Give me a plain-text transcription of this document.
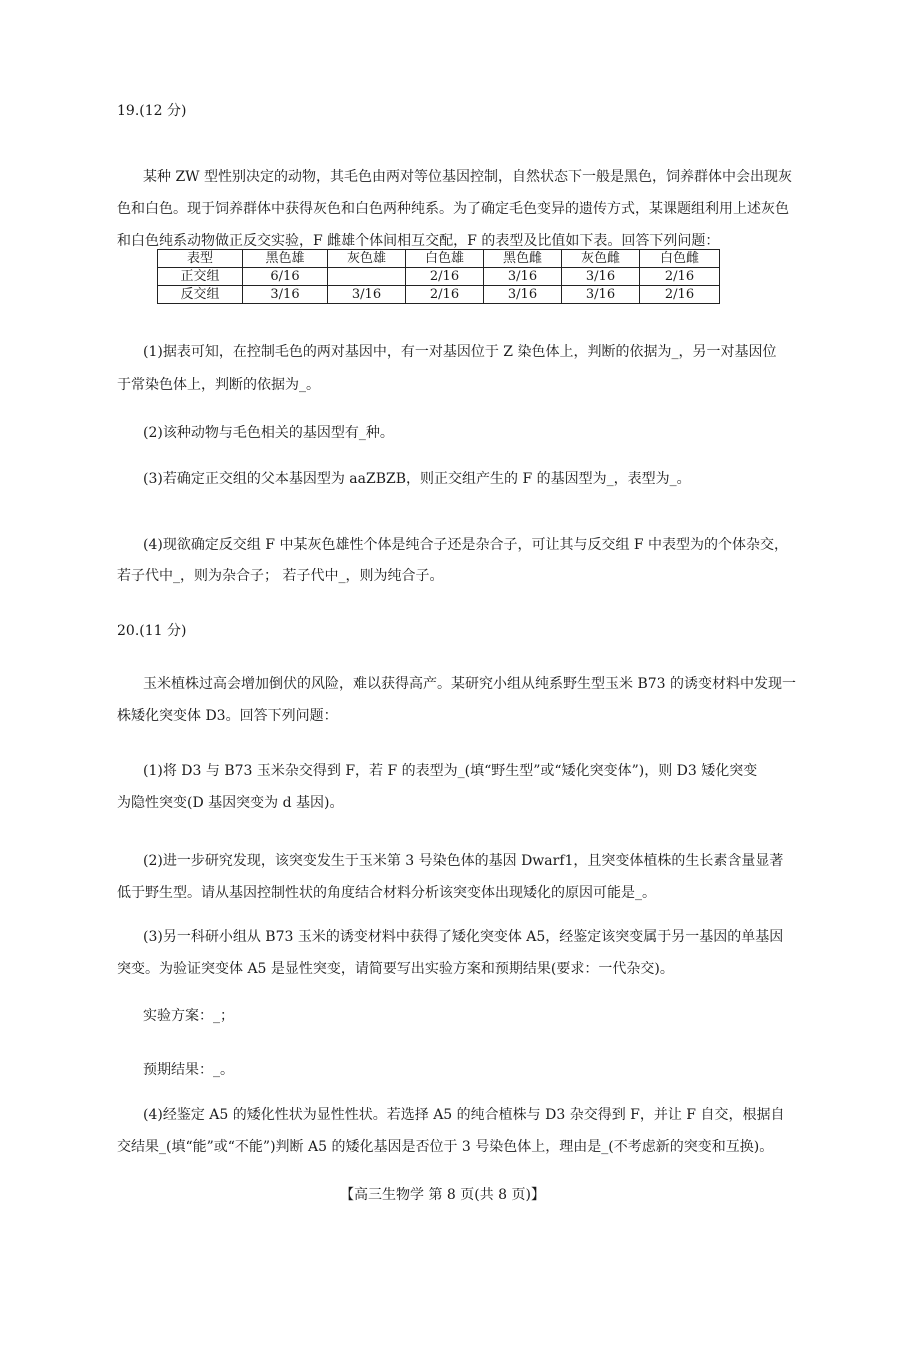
19.(12 分)
某种 ZW 型性别决定的动物，其毛色由两对等位基因控制，自然状态下一般是黑色，饲养群体中会出现灰
色和白色。现于饲养群体中获得灰色和白色两种纯系。为了确定毛色变异的遗传方式，某课题组利用上述灰色
和白色纯系动物做正反交实验，F 雌雄个体间相互交配，F 的表型及比值如下表。回答下列问题：
表型	黑色雄	灰色雄	白色雄	黑色雌	灰色雌	白色雌
正交组	6/16		2/16	3/16	3/16	2/16
反交组	3/16	3/16	2/16	3/16	3/16	2/16
(1)据表可知，在控制毛色的两对基因中，有一对基因位于 Z 染色体上，判断的依据为_，另一对基因位
于常染色体上，判断的依据为_。
(2)该种动物与毛色相关的基因型有_种。
(3)若确定正交组的父本基因型为 aaZBZB，则正交组产生的 F 的基因型为_，表型为_。
(4)现欲确定反交组 F 中某灰色雄性个体是纯合子还是杂合子，可让其与反交组 F 中表型为的个体杂交，
若子代中_，则为杂合子； 若子代中_，则为纯合子。
20.(11 分)
玉米植株过高会增加倒伏的风险，难以获得高产。某研究小组从纯系野生型玉米 B73 的诱变材料中发现一
株矮化突变体 D3。回答下列问题：
(1)将 D3 与 B73 玉米杂交得到 F，若 F 的表型为_(填“野生型”或“矮化突变体”)，则 D3 矮化突变
为隐性突变(D 基因突变为 d 基因)。
(2)进一步研究发现，该突变发生于玉米第 3 号染色体的基因 Dwarf1，且突变体植株的生长素含量显著
低于野生型。请从基因控制性状的角度结合材料分析该突变体出现矮化的原因可能是_。
(3)另一科研小组从 B73 玉米的诱变材料中获得了矮化突变体 A5，经鉴定该突变属于另一基因的单基因
突变。为验证突变体 A5 是显性突变，请简要写出实验方案和预期结果(要求：一代杂交)。
实验方案：_；
预期结果：_。
(4)经鉴定 A5 的矮化性状为显性性状。若选择 A5 的纯合植株与 D3 杂交得到 F，并让 F 自交，根据自
交结果_(填“能”或“不能”)判断 A5 的矮化基因是否位于 3 号染色体上，理由是_(不考虑新的突变和互换)。
【高三生物学 第 8 页(共 8 页)】
